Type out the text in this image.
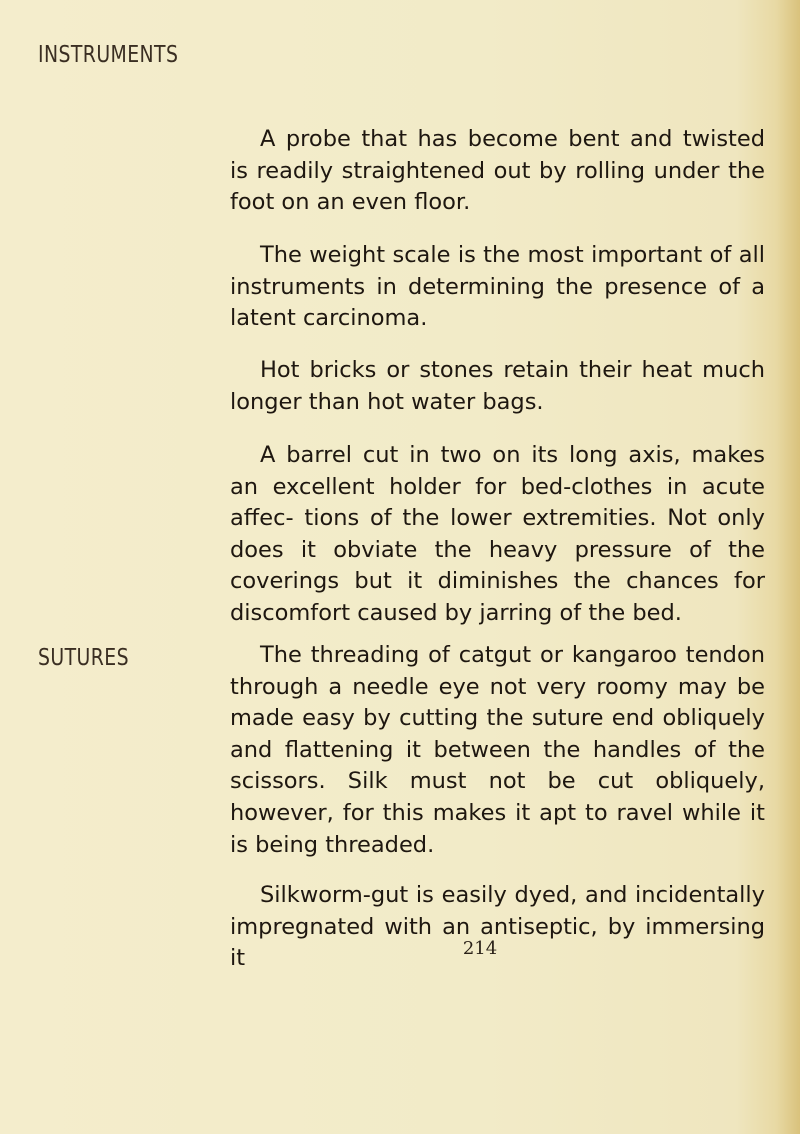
INSTRUMENTS
SUTURES

A probe that has become bent and twisted is readily straightened out by rolling under the foot on an even floor.

The weight scale is the most important of all instruments in determining the presence of a latent carcinoma.

Hot bricks or stones retain their heat much longer than hot water bags.

A barrel cut in two on its long axis, makes an excellent holder for bed-clothes in acute affec- tions of the lower extremities. Not only does it obviate the heavy pressure of the coverings but it diminishes the chances for discomfort caused by jarring of the bed.

The threading of catgut or kangaroo tendon through a needle eye not very roomy may be made easy by cutting the suture end obliquely and flattening it between the handles of the scissors. Silk must not be cut obliquely, however, for this makes it apt to ravel while it is being threaded.

Silkworm-gut is easily dyed, and incidentally impregnated with an antiseptic, by immersing it	214
